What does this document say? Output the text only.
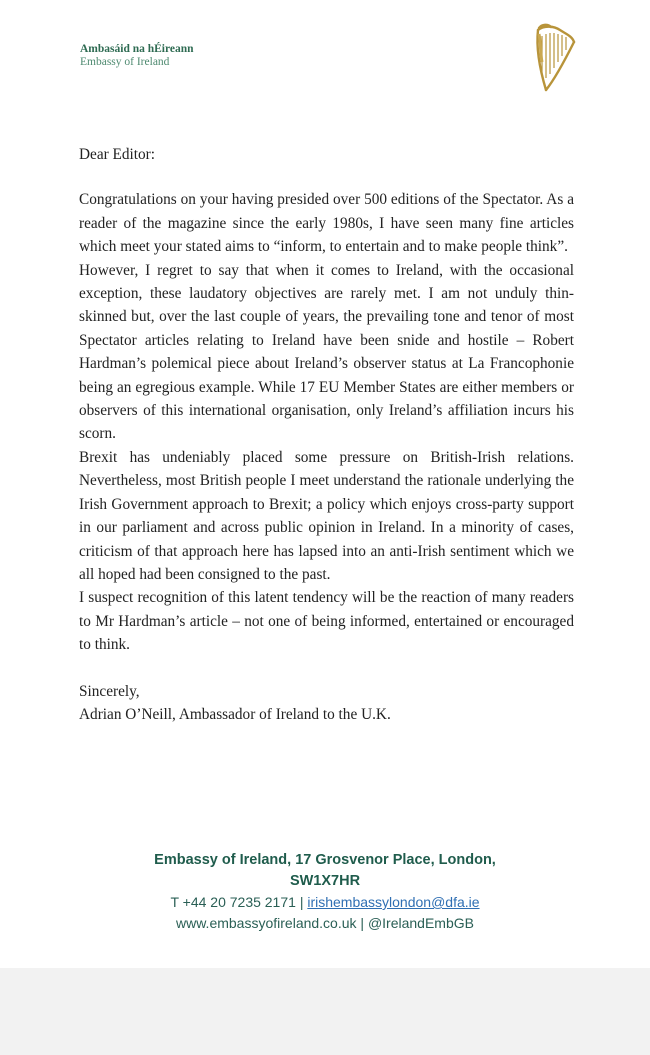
Ambasáid na hÉireann
Embassy of Ireland

Dear Editor:

Congratulations on your having presided over 500 editions of the Spectator. As a reader of the magazine since the early 1980s, I have seen many fine articles which meet your stated aims to “inform, to entertain and to make people think”.

However, I regret to say that when it comes to Ireland, with the occasional exception, these laudatory objectives are rarely met. I am not unduly thin-skinned but, over the last couple of years, the prevailing tone and tenor of most Spectator articles relating to Ireland have been snide and hostile – Robert Hardman’s polemical piece about Ireland’s observer status at La Francophonie being an egregious example. While 17 EU Member States are either members or observers of this international organisation, only Ireland’s affiliation incurs his scorn.

Brexit has undeniably placed some pressure on British-Irish relations. Nevertheless, most British people I meet understand the rationale underlying the Irish Government approach to Brexit; a policy which enjoys cross-party support in our parliament and across public opinion in Ireland. In a minority of cases, criticism of that approach here has lapsed into an anti-Irish sentiment which we all hoped had been consigned to the past.

I suspect recognition of this latent tendency will be the reaction of many readers to Mr Hardman’s article – not one of being informed, entertained or encouraged to think.

Sincerely,
Adrian O’Neill, Ambassador of Ireland to the U.K.
Embassy of Ireland, 17 Grosvenor Place, London,
SW1X7HR
T +44 20 7235 2171 | irishembassylondon@dfa.ie
www.embassyofireland.co.uk | @IrelandEmbGB
